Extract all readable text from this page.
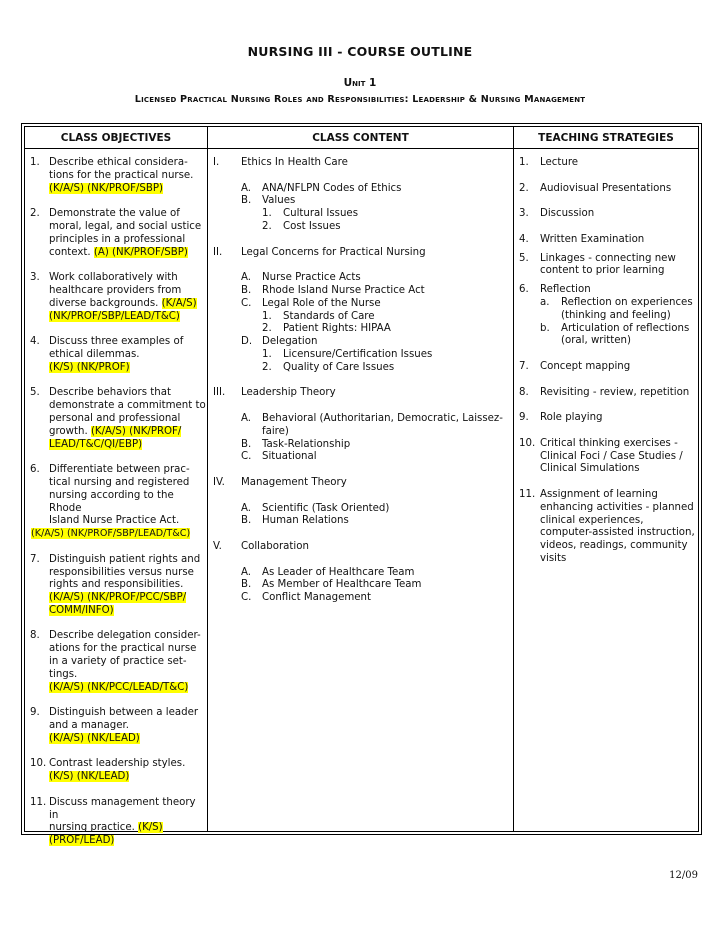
NURSING III - COURSE OUTLINE
Unit 1
Licensed Practical Nursing Roles and Responsibilities: Leadership & Nursing Management
CLASS OBJECTIVES	CLASS CONTENT	TEACHING STRATEGIES
1. Describe ethical considera-
tions for the practical nurse.
(K/A/S) (NK/PROF/SBP)
2. Demonstrate the value of
moral, legal, and social ustice
principles in a professional
context. (A) (NK/PROF/SBP)
3. Work collaboratively with
healthcare providers from
diverse backgrounds. (K/A/S)
(NK/PROF/SBP/LEAD/T&C)
4. Discuss three examples of
ethical dilemmas.
(K/S) (NK/PROF)
5. Describe behaviors that
demonstrate a commitment to
personal and professional
growth. (K/A/S) (NK/PROF/
LEAD/T&C/QI/EBP)
6. Differentiate between prac-
tical nursing and registered
nursing according to the Rhode
Island Nurse Practice Act.
(K/A/S) (NK/PROF/SBP/LEAD/T&C)
7. Distinguish patient rights and
responsibilities versus nurse
rights and responsibilities.
(K/A/S) (NK/PROF/PCC/SBP/
COMM/INFO)
8. Describe delegation consider-
ations for the practical nurse
in a variety of practice set-
tings.
(K/A/S) (NK/PCC/LEAD/T&C)
9. Distinguish between a leader
and a manager.
(K/A/S) (NK/LEAD)
10. Contrast leadership styles.
(K/S) (NK/LEAD)
11. Discuss management theory in
nursing practice. (K/S)
(PROF/LEAD)
I. Ethics In Health Care
A. ANA/NFLPN Codes of Ethics
B. Values
1. Cultural Issues
2. Cost Issues
II. Legal Concerns for Practical Nursing
A. Nurse Practice Acts
B. Rhode Island Nurse Practice Act
C. Legal Role of the Nurse
1. Standards of Care
2. Patient Rights: HIPAA
D. Delegation
1. Licensure/Certification Issues
2. Quality of Care Issues
III. Leadership Theory
A. Behavioral (Authoritarian, Democratic, Laissez-
faire)
B. Task-Relationship
C. Situational
IV. Management Theory
A. Scientific (Task Oriented)
B. Human Relations
V. Collaboration
A. As Leader of Healthcare Team
B. As Member of Healthcare Team
C. Conflict Management
1. Lecture
2. Audiovisual Presentations
3. Discussion
4. Written Examination
5. Linkages - connecting new
content to prior learning
6. Reflection
a. Reflection on experiences
(thinking and feeling)
b. Articulation of reflections
(oral, written)
7. Concept mapping
8. Revisiting - review, repetition
9. Role playing
10. Critical thinking exercises -
Clinical Foci / Case Studies /
Clinical Simulations
11. Assignment of learning
enhancing activities - planned
clinical experiences,
computer-assisted instruction,
videos, readings, community
visits
12/09
